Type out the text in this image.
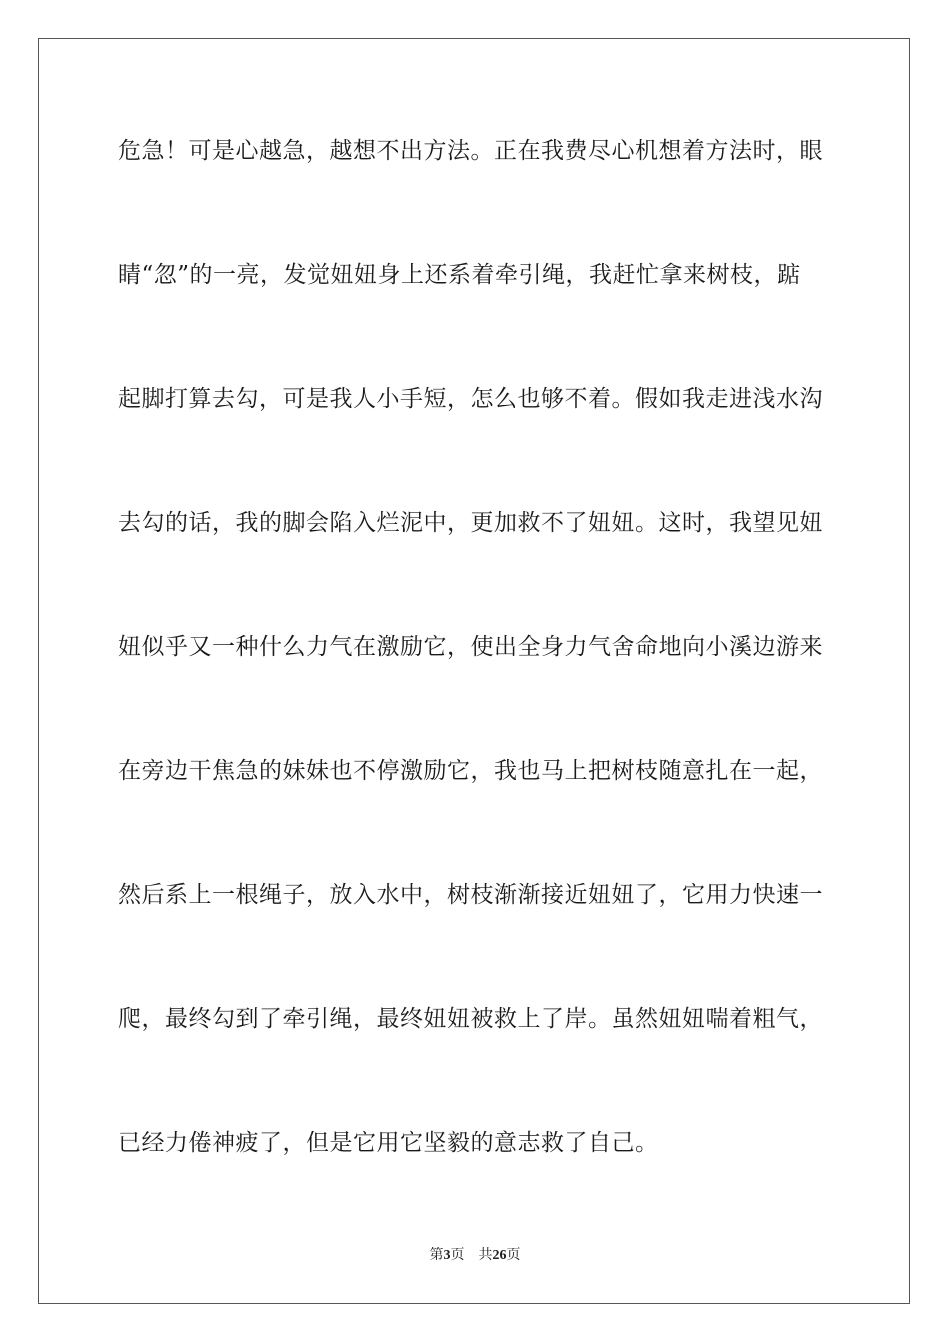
危急！可是心越急，越想不出方法。正在我费尽心机想着方法时，眼
睛“忽”的一亮，发觉妞妞身上还系着牵引绳，我赶忙拿来树枝，踮
起脚打算去勾，可是我人小手短，怎么也够不着。假如我走进浅水沟
去勾的话，我的脚会陷入烂泥中，更加救不了妞妞。这时，我望见妞
妞似乎又一种什么力气在激励它，使出全身力气舍命地向小溪边游来
在旁边干焦急的妹妹也不停激励它，我也马上把树枝随意扎在一起，
然后系上一根绳子，放入水中，树枝渐渐接近妞妞了，它用力快速一
爬，最终勾到了牵引绳，最终妞妞被救上了岸。虽然妞妞喘着粗气，
已经力倦神疲了，但是它用它坚毅的意志救了自己。
第3页 共26页
